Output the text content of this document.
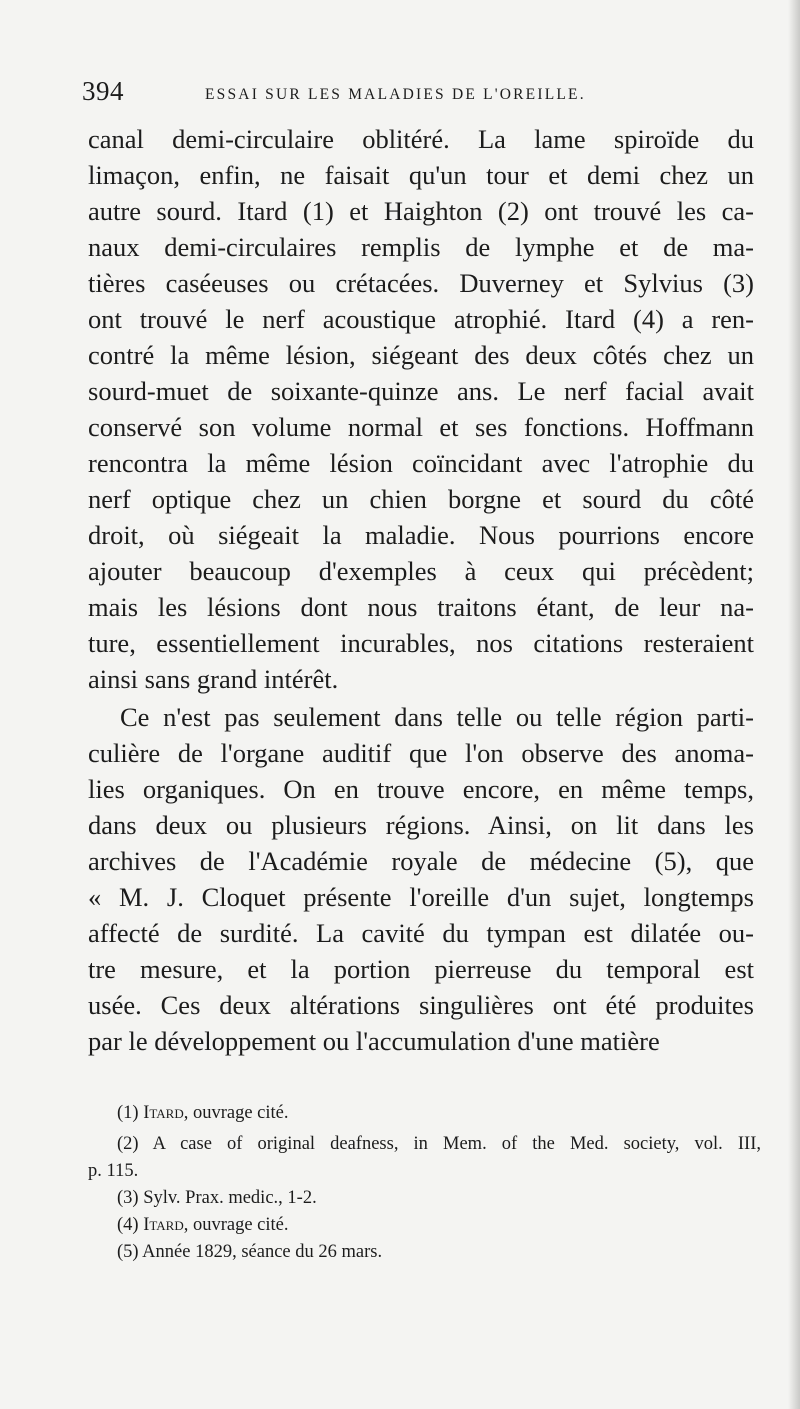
394	ESSAI SUR LES MALADIES DE L'OREILLE.
canal demi-circulaire oblitéré. La lame spiroïde du
limaçon, enfin, ne faisait qu'un tour et demi chez un
autre sourd. Itard (1) et Haighton (2) ont trouvé les ca-
naux demi-circulaires remplis de lymphe et de ma-
tières caséeuses ou crétacées. Duverney et Sylvius (3)
ont trouvé le nerf acoustique atrophié. Itard (4) a ren-
contré la même lésion, siégeant des deux côtés chez un
sourd-muet de soixante-quinze ans. Le nerf facial avait
conservé son volume normal et ses fonctions. Hoffmann
rencontra la même lésion coïncidant avec l'atrophie du
nerf optique chez un chien borgne et sourd du côté
droit, où siégeait la maladie. Nous pourrions encore
ajouter beaucoup d'exemples à ceux qui précèdent;
mais les lésions dont nous traitons étant, de leur na-
ture, essentiellement incurables, nos citations resteraient
ainsi sans grand intérêt.
Ce n'est pas seulement dans telle ou telle région parti-
culière de l'organe auditif que l'on observe des anoma-
lies organiques. On en trouve encore, en même temps,
dans deux ou plusieurs régions. Ainsi, on lit dans les
archives de l'Académie royale de médecine (5), que
« M. J. Cloquet présente l'oreille d'un sujet, longtemps
affecté de surdité. La cavité du tympan est dilatée ou-
tre mesure, et la portion pierreuse du temporal est
usée. Ces deux altérations singulières ont été produites
par le développement ou l'accumulation d'une matière
(1) Itard, ouvrage cité.
(2) A case of original deafness, in Mem. of the Med. society, vol. III,
p. 115.
(3) Sylv. Prax. medic., 1-2.
(4) Itard, ouvrage cité.
(5) Année 1829, séance du 26 mars.
